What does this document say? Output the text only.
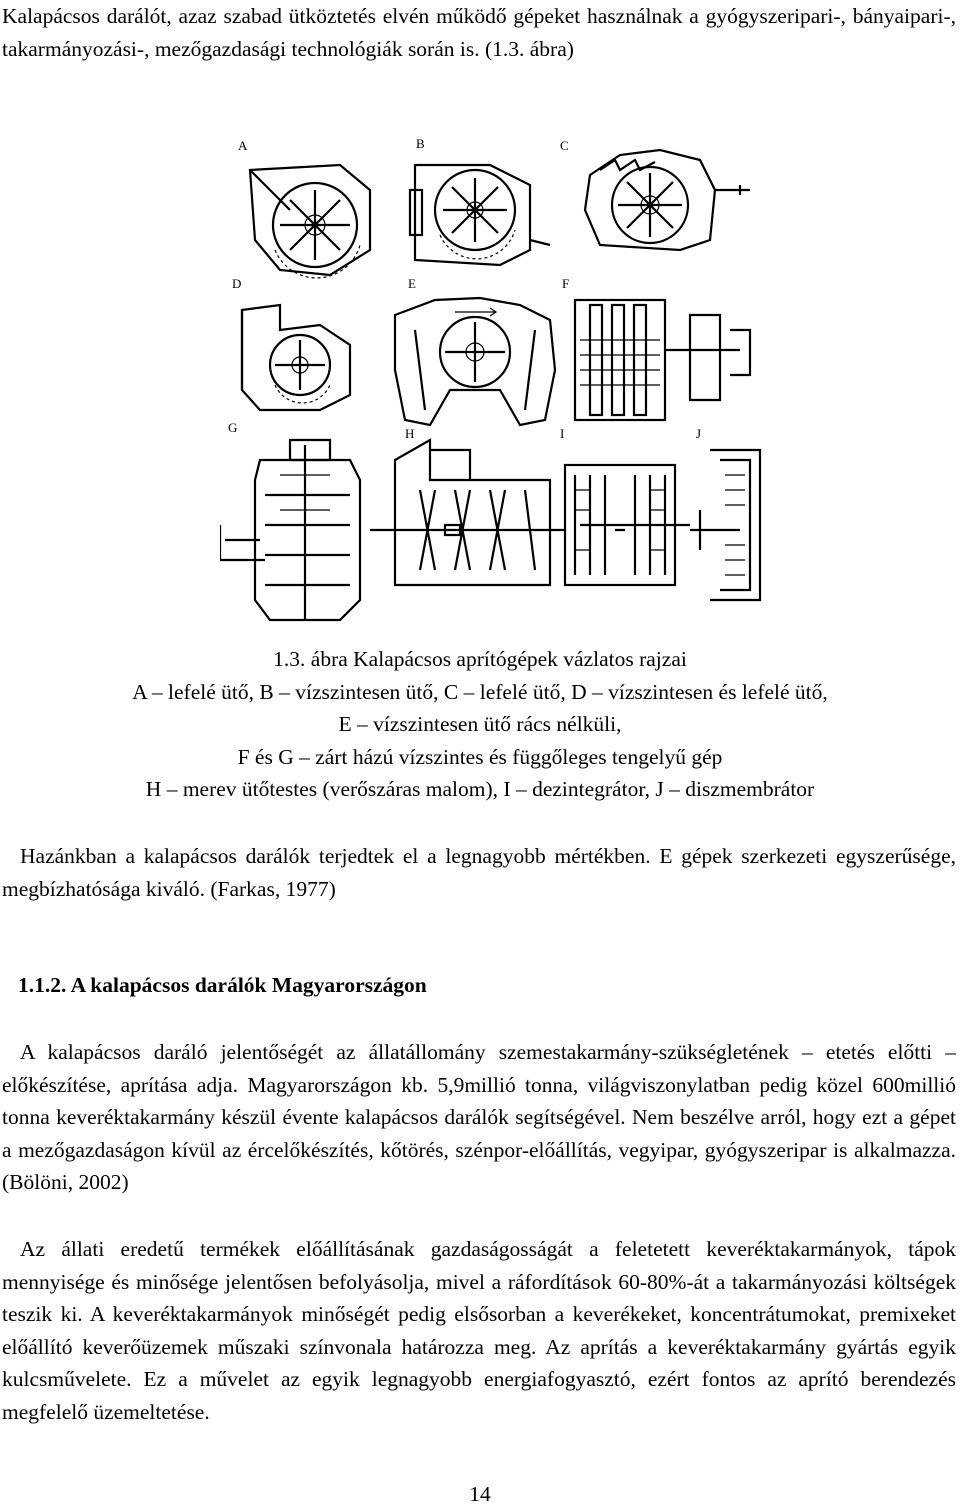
Kalapácsos darálót, azaz szabad ütköztetés elvén működő gépeket használnak a gyógyszeripari-, bányaipari-, takarmányozási-, mezőgazdasági technológiák során is. (1.3. ábra)

A	B	C
D	E	F
G	H	I	J
1.3. ábra Kalapácsos aprítógépek vázlatos rajzai
A – lefelé ütő, B – vízszintesen ütő, C – lefelé ütő, D – vízszintesen és lefelé ütő,
E – vízszintesen ütő rács nélküli,
F és G – zárt házú vízszintes és függőleges tengelyű gép
H – merev ütőtestes (verőszáras malom), I – dezintegrátor, J – diszmembrátor

Hazánkban a kalapácsos darálók terjedtek el a legnagyobb mértékben. E gépek szerkezeti egyszerűsége, megbízhatósága kiváló. (Farkas, 1977)

1.1.2. A kalapácsos darálók Magyarországon

A kalapácsos daráló jelentőségét az állatállomány szemestakarmány-szükségletének – etetés előtti – előkészítése, aprítása adja. Magyarországon kb. 5,9millió tonna, világviszonylatban pedig közel 600millió tonna keveréktakarmány készül évente kalapácsos darálók segítségével. Nem beszélve arról, hogy ezt a gépet a mezőgazdaságon kívül az ércelőkészítés, kőtörés, szénpor-előállítás, vegyipar, gyógyszeripar is alkalmazza. (Bölöni, 2002)

Az állati eredetű termékek előállításának gazdaságosságát a feletetett keveréktakarmányok, tápok mennyisége és minősége jelentősen befolyásolja, mivel a ráfordítások 60-80%-át a takarmányozási költségek teszik ki. A keveréktakarmányok minőségét pedig elsősorban a keverékeket, koncentrátumokat, premixeket előállító keverőüzemek műszaki színvonala határozza meg. Az aprítás a keveréktakarmány gyártás egyik kulcsművelete. Ez a művelet az egyik legnagyobb energiafogyasztó, ezért fontos az aprító berendezés megfelelő üzemeltetése.

14
